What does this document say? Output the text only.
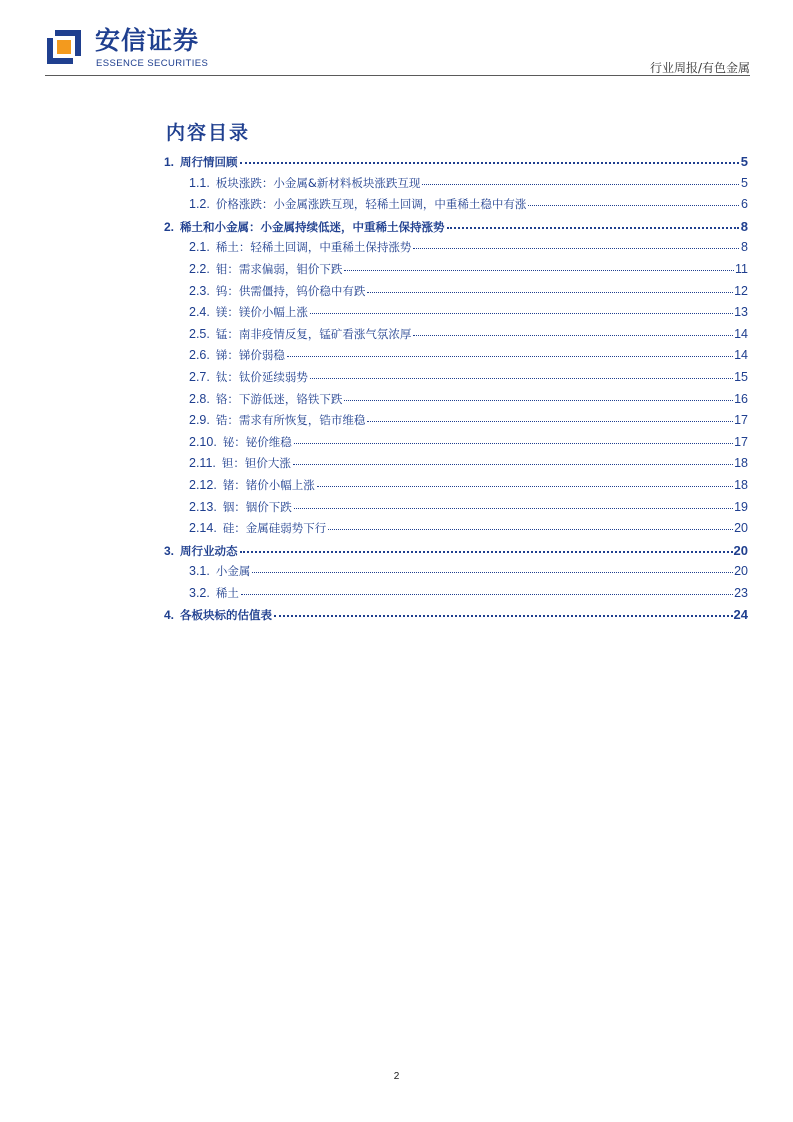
安信证券
ESSENCE SECURITIES	行业周报/有色金属
内容目录
1. 周行情回顾	5
1.1. 板块涨跌：小金属&新材料板块涨跌互现	5
1.2. 价格涨跌：小金属涨跌互现，轻稀土回调，中重稀土稳中有涨	6
2. 稀土和小金属：小金属持续低迷，中重稀土保持涨势	8
2.1. 稀土：轻稀土回调，中重稀土保持涨势	8
2.2. 钼：需求偏弱，钼价下跌	11
2.3. 钨：供需僵持，钨价稳中有跌	12
2.4. 镁：镁价小幅上涨	13
2.5. 锰：南非疫情反复，锰矿看涨气氛浓厚	14
2.6. 锑：锑价弱稳	14
2.7. 钛：钛价延续弱势	15
2.8. 铬：下游低迷，铬铁下跌	16
2.9. 锆：需求有所恢复，锆市维稳	17
2.10. 铋：铋价维稳	17
2.11. 钽：钽价大涨	18
2.12. 锗：锗价小幅上涨	18
2.13. 铟：铟价下跌	19
2.14. 硅：金属硅弱势下行	20
3. 周行业动态	20
3.1. 小金属	20
3.2. 稀土	23
4. 各板块标的估值表	24
2
